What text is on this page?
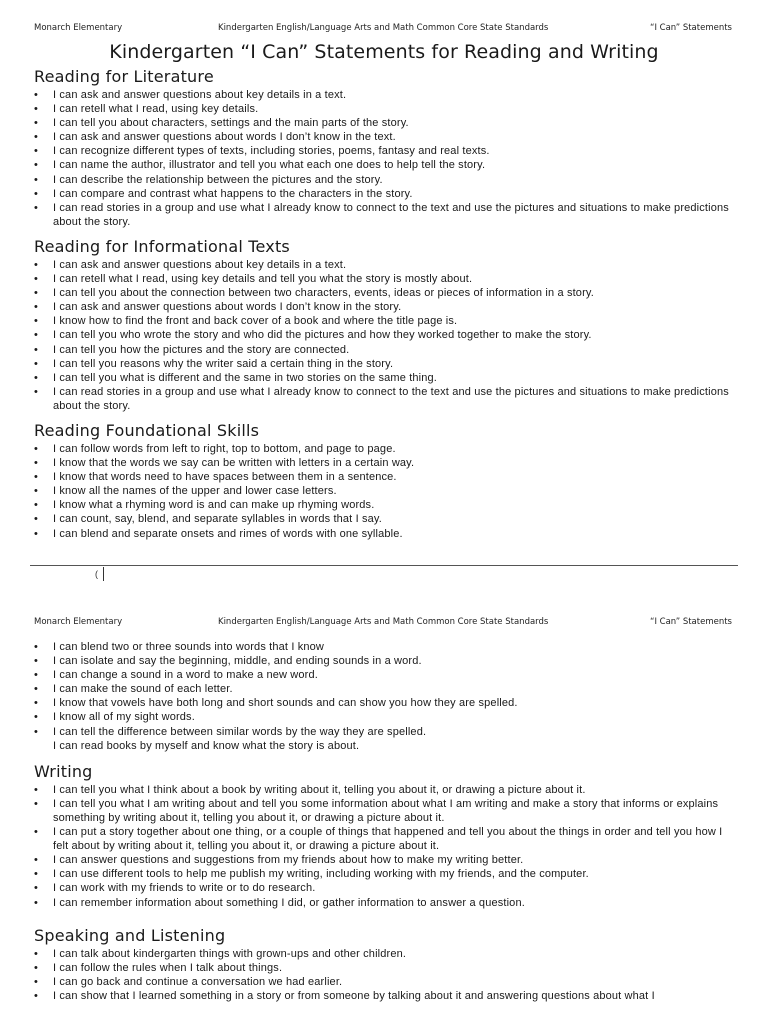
Monarch Elementary	Kindergarten English/Language Arts and Math Common Core State Standards	“I Can” Statements
Kindergarten “I Can” Statements for Reading and Writing
Reading for Literature
• I can ask and answer questions about key details in a text.
• I can retell what I read, using key details.
• I can tell you about characters, settings and the main parts of the story.
• I can ask and answer questions about words I don’t know in the text.
• I can recognize different types of texts, including stories, poems, fantasy and real texts.
• I can name the author, illustrator and tell you what each one does to help tell the story.
• I can describe the relationship between the pictures and the story.
• I can compare and contrast what happens to the characters in the story.
• I can read stories in a group and use what I already know to connect to the text and use the pictures and situations to make predictions about the story.
Reading for Informational Texts
• I can ask and answer questions about key details in a text.
• I can retell what I read, using key details and tell you what the story is mostly about.
• I can tell you about the connection between two characters, events, ideas or pieces of information in a story.
• I can ask and answer questions about words I don’t know in the story.
• I know how to find the front and back cover of a book and where the title page is.
• I can tell you who wrote the story and who did the pictures and how they worked together to make the story.
• I can tell you how the pictures and the story are connected.
• I can tell you reasons why the writer said a certain thing in the story.
• I can tell you what is different and the same in two stories on the same thing.
• I can read stories in a group and use what I already know to connect to the text and use the pictures and situations to make predictions about the story.
Reading Foundational Skills
• I can follow words from left to right, top to bottom, and page to page.
• I know that the words we say can be written with letters in a certain way.
• I know that words need to have spaces between them in a sentence.
• I know all the names of the upper and lower case letters.
• I know what a rhyming word is and can make up rhyming words.
• I can count, say, blend, and separate syllables in words that I say.
• I can blend and separate onsets and rimes of words with one syllable.
(
Monarch Elementary	Kindergarten English/Language Arts and Math Common Core State Standards	“I Can” Statements
• I can blend two or three sounds into words that I know
• I can isolate and say the beginning, middle, and ending sounds in a word.
• I can change a sound in a word to make a new word.
• I can make the sound of each letter.
• I know that vowels have both long and short sounds and can show you how they are spelled.
• I know all of my sight words.
• I can tell the difference between similar words by the way they are spelled.
I can read books by myself and know what the story is about.
Writing
• I can tell you what I think about a book by writing about it, telling you about it, or drawing a picture about it.
• I can tell you what I am writing about and tell you some information about what I am writing and make a story that informs or explains something by writing about it, telling you about it, or drawing a picture about it.
• I can put a story together about one thing, or a couple of things that happened and tell you about the things in order and tell you how I felt about by writing about it, telling you about it, or drawing a picture about it.
• I can answer questions and suggestions from my friends about how to make my writing better.
• I can use different tools to help me publish my writing, including working with my friends, and the computer.
• I can work with my friends to write or to do research.
• I can remember information about something I did, or gather information to answer a question.
Speaking and Listening
• I can talk about kindergarten things with grown-ups and other children.
• I can follow the rules when I talk about things.
• I can go back and continue a conversation we had earlier.
• I can show that I learned something in a story or from someone by talking about it and answering questions about what I
